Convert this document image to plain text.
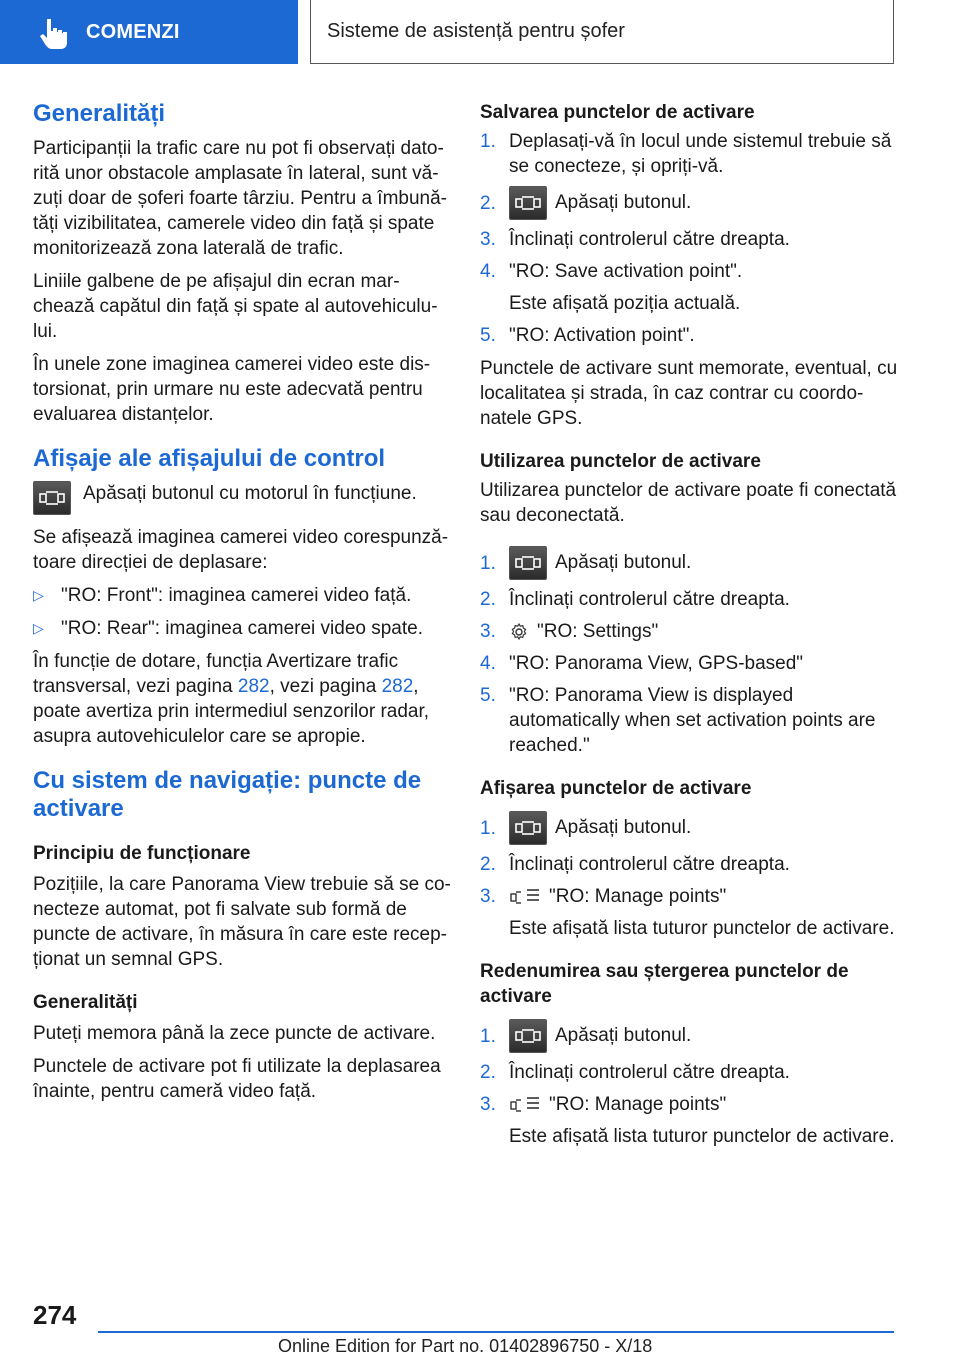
COMENZI	Sisteme de asistență pentru șofer
Generalități

Participanții la trafic care nu pot fi observați datorită unor obstacole amplasate în lateral, sunt văzuți doar de șoferi foarte târziu. Pentru a îmbunătăți vizibilitatea, camerele video din față și spate monitorizează zona laterală de trafic.

Liniile galbene de pe afișajul din ecran marchează capătul din față și spate al autovehiculului.

În unele zone imaginea camerei video este distorsionat, prin urmare nu este adecvată pentru evaluarea distanțelor.

Afișaje ale afișajului de control
Apăsați butonul cu motorul în funcțiune.

Se afișează imaginea camerei video corespunzătoare direcției de deplasare:

▷ "RO: Front": imaginea camerei video față.
▷ "RO: Rear": imaginea camerei video spate.

În funcție de dotare, funcția Avertizare trafic transversal, vezi pagina 282, vezi pagina 282, poate avertiza prin intermediul senzorilor radar, asupra autovehiculelor care se apropie.

Cu sistem de navigație: puncte de activare
Principiu de funcționare

Pozițiile, la care Panorama View trebuie să se conecteze automat, pot fi salvate sub formă de puncte de activare, în măsura în care este recepționat un semnal GPS.

Generalități

Puteți memora până la zece puncte de activare.

Punctele de activare pot fi utilizate la deplasarea înainte, pentru cameră video față.

Salvarea punctelor de activare
1. Deplasați-vă în locul unde sistemul trebuie să se conecteze, și opriți-vă.
2.	Apăsați butonul.
3. Înclinați controlerul către dreapta.
4. "RO: Save activation point".
Este afișată poziția actuală.
5. "RO: Activation point".

Punctele de activare sunt memorate, eventual, cu localitatea și strada, în caz contrar cu coordonatele GPS.

Utilizarea punctelor de activare

Utilizarea punctelor de activare poate fi conectată sau deconectată.

1.	Apăsați butonul.
2. Înclinați controlerul către dreapta.
3.	"RO: Settings"
4. "RO: Panorama View, GPS-based"
5. "RO: Panorama View is displayed automatically when set activation points are reached."
Afișarea punctelor de activare
1.	Apăsați butonul.
2. Înclinați controlerul către dreapta.
3.	"RO: Manage points"
Este afișată lista tuturor punctelor de activare.
Redenumirea sau ștergerea punctelor de activare
1.	Apăsați butonul.
2. Înclinați controlerul către dreapta.
3.	"RO: Manage points"
Este afișată lista tuturor punctelor de activare.
274
Online Edition for Part no. 01402896750 - X/18
